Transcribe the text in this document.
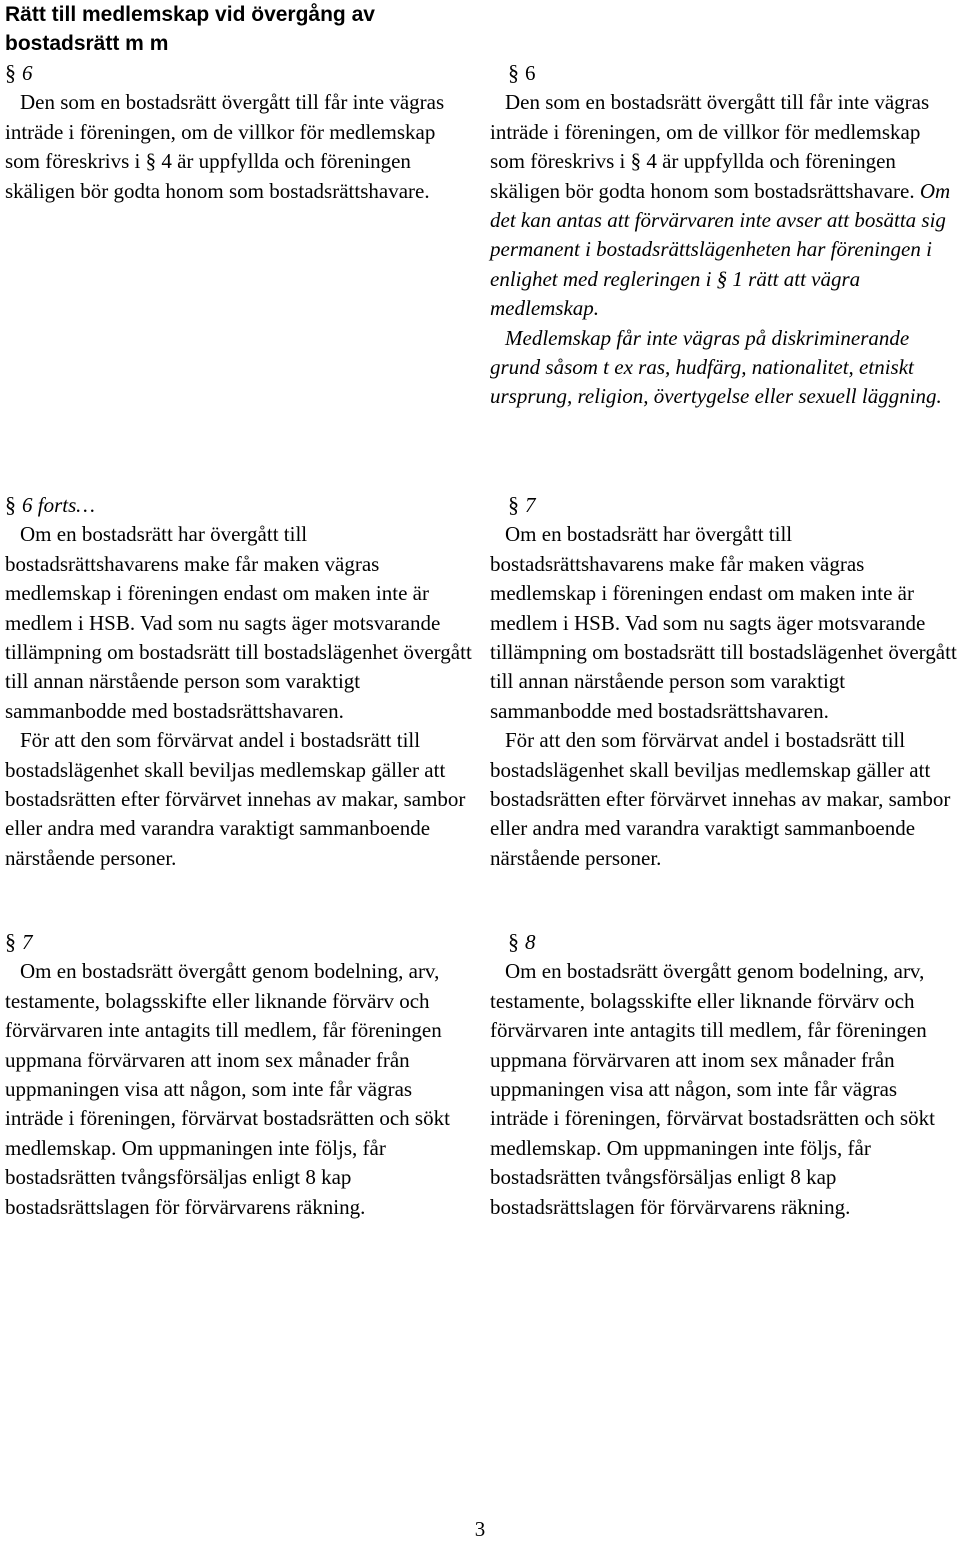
Rätt till medlemskap vid övergång av bostadsrätt m m
§ 6

Den som en bostadsrätt övergått till får inte vägras inträde i föreningen, om de villkor för medlemskap som föreskrivs i § 4 är uppfyllda och föreningen skäligen bör godta honom som bostadsrättshavare.

§ 6 forts…

Om en bostadsrätt har övergått till bostadsrättshavarens make får maken vägras medlemskap i föreningen endast om maken inte är medlem i HSB. Vad som nu sagts äger motsvarande tillämpning om bostadsrätt till bostadslägenhet övergått till annan närstående person som varaktigt sammanbodde med bostadsrättshavaren.

För att den som förvärvat andel i bostadsrätt till bostadslägenhet skall beviljas medlemskap gäller att bostadsrätten efter förvärvet innehas av makar, sambor eller andra med varandra varaktigt sammanboende närstående personer.

§ 7

Om en bostadsrätt övergått genom bodelning, arv, testamente, bolagsskifte eller liknande förvärv och förvärvaren inte antagits till medlem, får föreningen uppmana förvärvaren att inom sex månader från uppmaningen visa att någon, som inte får vägras inträde i föreningen, förvärvat bostadsrätten och sökt medlemskap. Om uppmaningen inte följs, får bostadsrätten tvångsförsäljas enligt 8 kap bostadsrättslagen för förvärvarens räkning.

§ 6

Den som en bostadsrätt övergått till får inte vägras inträde i föreningen, om de villkor för medlemskap som föreskrivs i § 4 är uppfyllda och föreningen skäligen bör godta honom som bostadsrättshavare. Om det kan antas att förvärvaren inte avser att bosätta sig permanent i bostadsrättslägenheten har föreningen i enlighet med regleringen i § 1 rätt att vägra medlemskap.

Medlemskap får inte vägras på diskriminerande grund såsom t ex ras, hudfärg, nationalitet, etniskt ursprung, religion, övertygelse eller sexuell läggning.

§ 7

Om en bostadsrätt har övergått till bostadsrättshavarens make får maken vägras medlemskap i föreningen endast om maken inte är medlem i HSB. Vad som nu sagts äger motsvarande tillämpning om bostadsrätt till bostadslägenhet övergått till annan närstående person som varaktigt sammanbodde med bostadsrättshavaren.

För att den som förvärvat andel i bostadsrätt till bostadslägenhet skall beviljas medlemskap gäller att bostadsrätten efter förvärvet innehas av makar, sambor eller andra med varandra varaktigt sammanboende närstående personer.

§ 8

Om en bostadsrätt övergått genom bodelning, arv, testamente, bolagsskifte eller liknande förvärv och förvärvaren inte antagits till medlem, får föreningen uppmana förvärvaren att inom sex månader från uppmaningen visa att någon, som inte får vägras inträde i föreningen, förvärvat bostadsrätten och sökt medlemskap. Om uppmaningen inte följs, får bostadsrätten tvångsförsäljas enligt 8 kap bostadsrättslagen för förvärvarens räkning.

3
